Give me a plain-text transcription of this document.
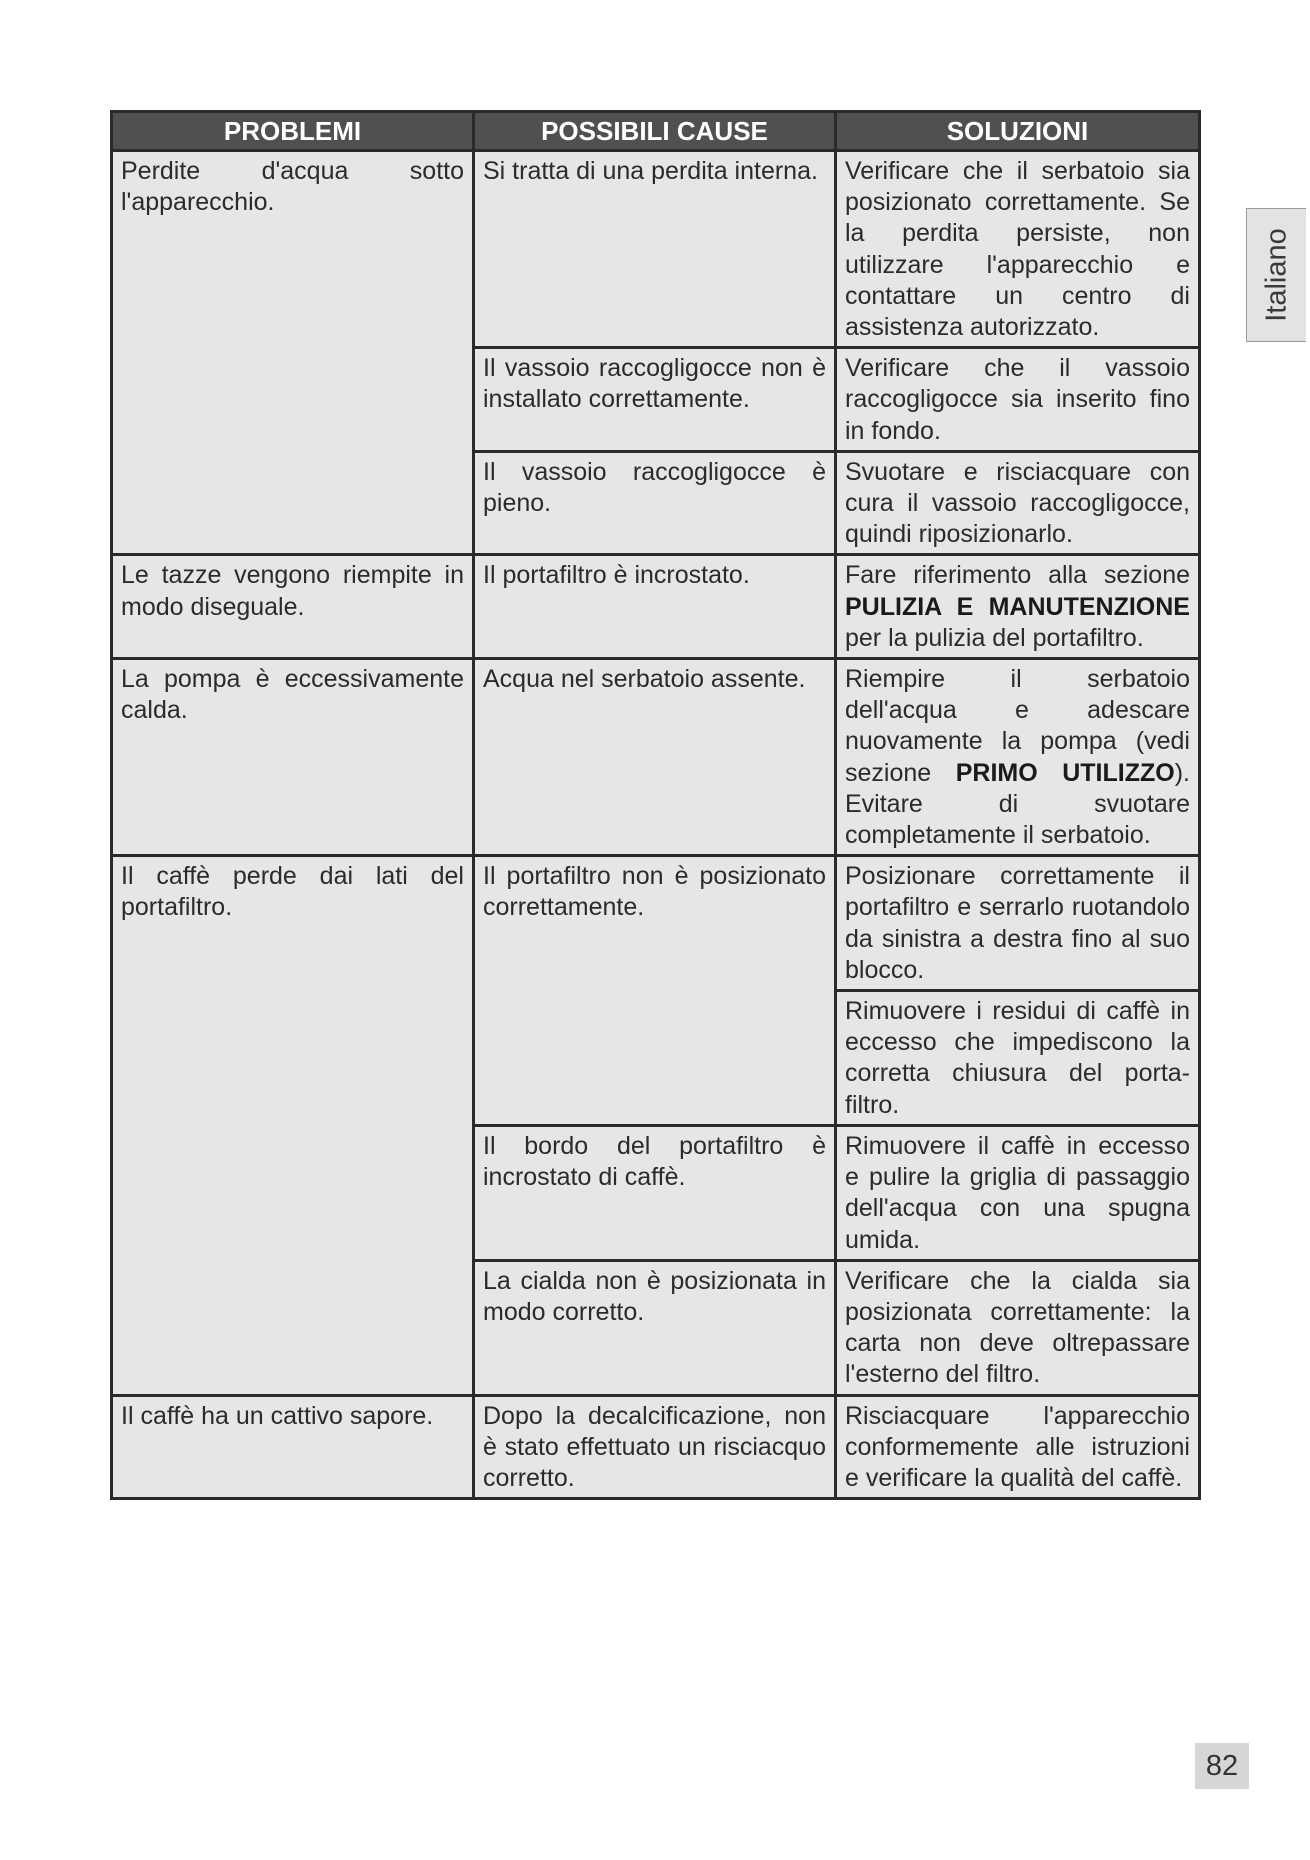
PROBLEMI	POSSIBILI CAUSE	SOLUZIONI
Perdite d'acqua sotto l'apparecchio.	Si tratta di una perdita interna.	Verificare che il serbatoio sia posizionato correttamente. Se la perdita persiste, non utilizzare l'apparecchio e contattare un centro di assistenza autorizzato.
	Il vassoio raccogligocce non è installato correttamente.	Verificare che il vassoio raccogligocce sia inserito fino in fondo.
	Il vassoio raccogligocce è pieno.	Svuotare e risciacquare con cura il vassoio raccogligocce, quindi riposizionarlo.
Le tazze vengono riempite in modo diseguale.	Il portafiltro è incrostato.	Fare riferimento alla sezione PULIZIA E MANUTENZIONE per la pulizia del portafiltro.
La pompa è eccessivamente calda.	Acqua nel serbatoio assente.	Riempire il serbatoio dell'acqua e adescare nuovamente la pompa (vedi sezione PRIMO UTILIZZO). Evitare di svuotare completamente il serbatoio.
Il caffè perde dai lati del portafiltro.	Il portafiltro non è posizionato correttamente.	Posizionare correttamente il portafiltro e serrarlo ruotandolo da sinistra a destra fino al suo blocco.
		Rimuovere i residui di caffè in eccesso che impediscono la corretta chiusura del porta-filtro.
	Il bordo del portafiltro è incrostato di caffè.	Rimuovere il caffè in eccesso e pulire la griglia di passaggio dell'acqua con una spugna umida.
	La cialda non è posizionata in modo corretto.	Verificare che la cialda sia posizionata correttamente: la carta non deve oltrepassare l'esterno del filtro.
Il caffè ha un cattivo sapore.	Dopo la decalcificazione, non è stato effettuato un risciacquo corretto.	Risciacquare l'apparecchio conformemente alle istruzioni e verificare la qualità del caffè.
Italiano
82
